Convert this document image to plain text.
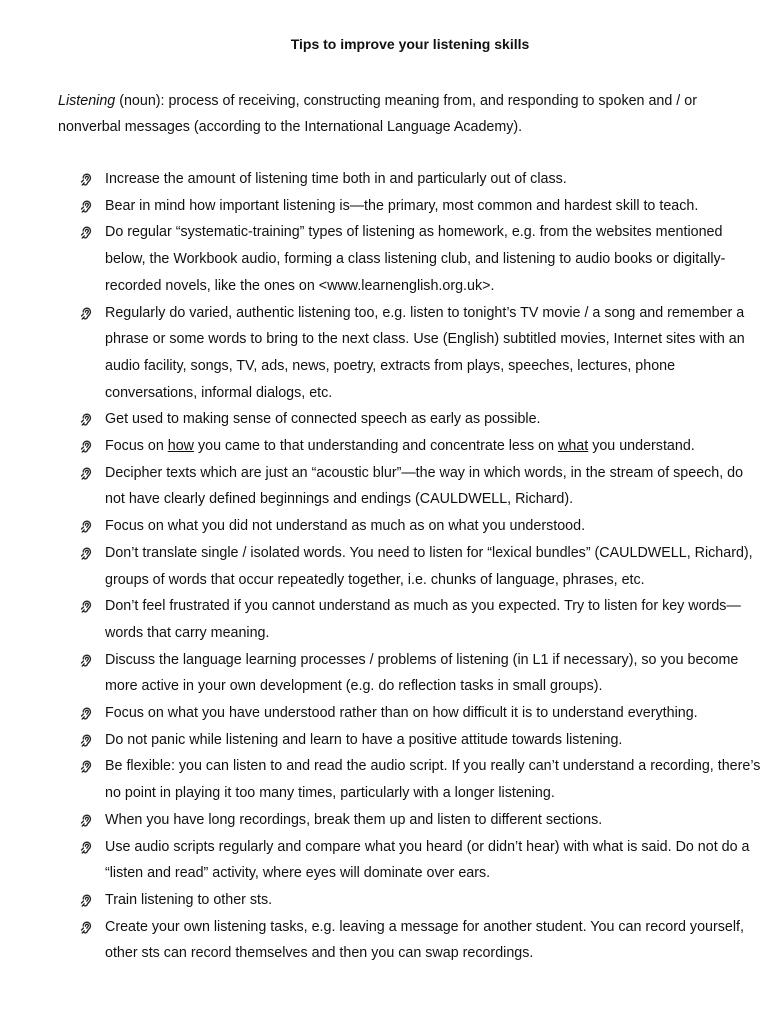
Tips to improve your listening skills
Listening (noun): process of receiving, constructing meaning from, and responding to spoken and / or nonverbal messages (according to the International Language Academy).
Increase the amount of listening time both in and particularly out of class.
Bear in mind how important listening is—the primary, most common and hardest skill to teach.
Do regular “systematic-training” types of listening as homework, e.g. from the websites mentioned below, the Workbook audio, forming a class listening club, and listening to audio books or digitally-recorded novels, like the ones on <www.learnenglish.org.uk>.
Regularly do varied, authentic listening too, e.g. listen to tonight’s TV movie / a song and remember a phrase or some words to bring to the next class. Use (English) subtitled movies, Internet sites with an audio facility, songs, TV, ads, news, poetry, extracts from plays, speeches, lectures, phone conversations, informal dialogs, etc.
Get used to making sense of connected speech as early as possible.
Focus on how you came to that understanding and concentrate less on what you understand.
Decipher texts which are just an “acoustic blur”—the way in which words, in the stream of speech, do not have clearly defined beginnings and endings (CAULDWELL, Richard).
Focus on what you did not understand as much as on what you understood.
Don’t translate single / isolated words. You need to listen for “lexical bundles” (CAULDWELL, Richard), groups of words that occur repeatedly together, i.e. chunks of language, phrases, etc.
Don’t feel frustrated if you cannot understand as much as you expected. Try to listen for key words—words that carry meaning.
Discuss the language learning processes / problems of listening (in L1 if necessary), so you become more active in your own development (e.g. do reflection tasks in small groups).
Focus on what you have understood rather than on how difficult it is to understand everything.
Do not panic while listening and learn to have a positive attitude towards listening.
Be flexible: you can listen to and read the audio script. If you really can’t understand a recording, there’s no point in playing it too many times, particularly with a longer listening.
When you have long recordings, break them up and listen to different sections.
Use audio scripts regularly and compare what you heard (or didn’t hear) with what is said. Do not do a “listen and read” activity, where eyes will dominate over ears.
Train listening to other sts.
Create your own listening tasks, e.g. leaving a message for another student. You can record yourself, other sts can record themselves and then you can swap recordings.
